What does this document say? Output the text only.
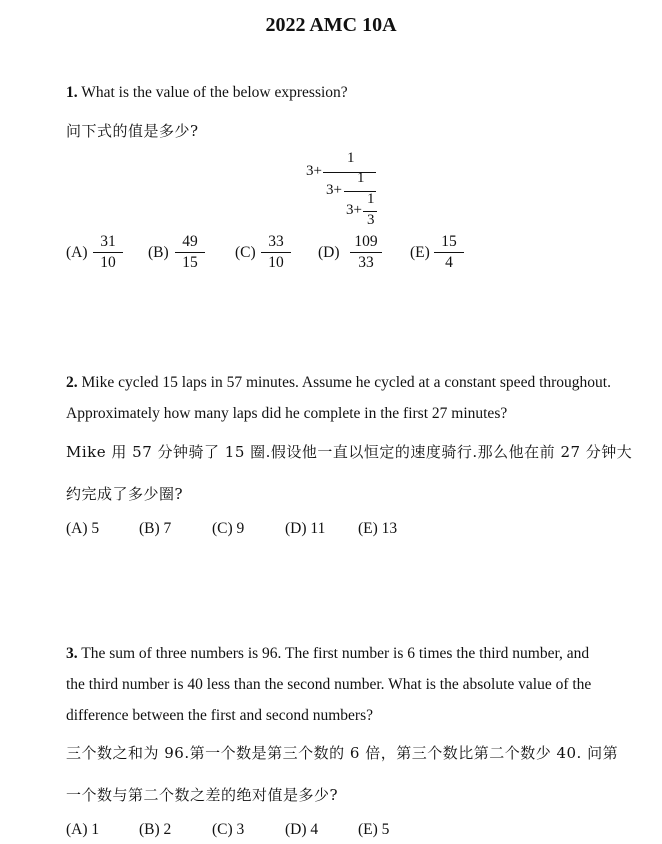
2022 AMC 10A
1. What is the value of the below expression?
问下式的值是多少?
3+
1
3+
1
3+
1
3
(A)
31
10
(B)
49
15
(C)
33
10
(D)
109
33
(E)
15
4
2. Mike cycled 15 laps in 57 minutes. Assume he cycled at a constant speed throughout.
Approximately how many laps did he complete in the first 27 minutes?
Mike 用 57 分钟骑了 15 圈.假设他一直以恒定的速度骑行.那么他在前 27 分钟大
约完成了多少圈?
(A) 5	(B) 7	(C) 9	(D) 11 (E) 13
3. The sum of three numbers is 96. The first number is 6 times the third number, and
the third number is 40 less than the second number. What is the absolute value of the
difference between the first and second numbers?
三个数之和为 96.第一个数是第三个数的 6 倍，第三个数比第二个数少 40. 问第
一个数与第二个数之差的绝对值是多少?
(A) 1	(B) 2	(C) 3	(D) 4	(E) 5
